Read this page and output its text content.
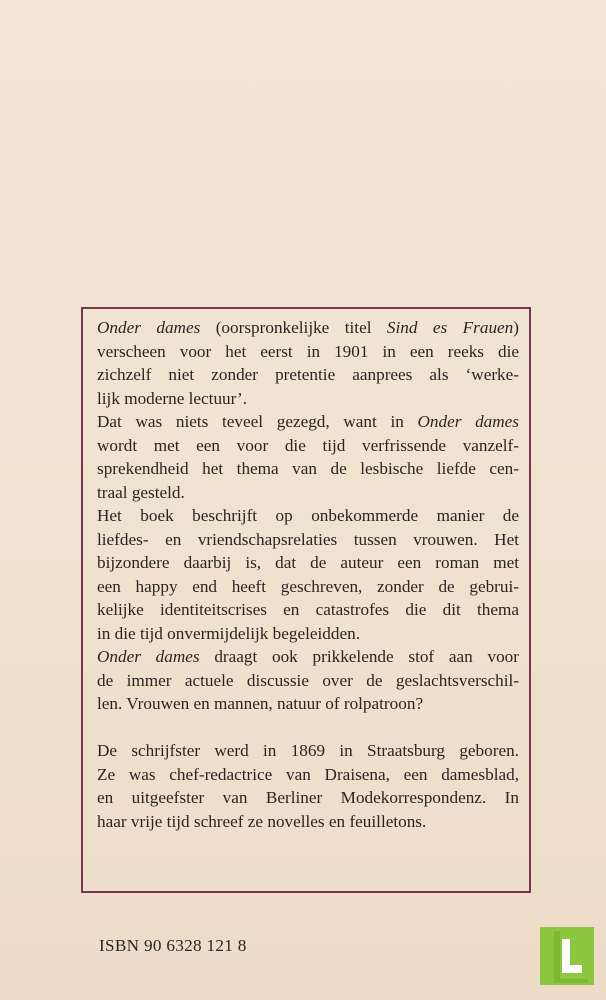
Onder dames (oorspronkelijke titel Sind es Frauen)
verscheen voor het eerst in 1901 in een reeks die
zichzelf niet zonder pretentie aanprees als ‘werke-
lijk moderne lectuur’.

Dat was niets teveel gezegd, want in Onder dames
wordt met een voor die tijd verfrissende vanzelf-
sprekendheid het thema van de lesbische liefde cen-
traal gesteld.

Het boek beschrijft op onbekommerde manier de
liefdes- en vriendschapsrelaties tussen vrouwen. Het
bijzondere daarbij is, dat de auteur een roman met
een happy end heeft geschreven, zonder de gebrui-
kelijke identiteitscrises en catastrofes die dit thema
in die tijd onvermijdelijk begeleidden.

Onder dames draagt ook prikkelende stof aan voor
de immer actuele discussie over de geslachtsverschil-
len. Vrouwen en mannen, natuur of rolpatroon?

De schrijfster werd in 1869 in Straatsburg geboren.
Ze was chef-redactrice van Draisena, een damesblad,
en uitgeefster van Berliner Modekorrespondenz. In
haar vrije tijd schreef ze novelles en feuilletons.

ISBN 90 6328 121 8
